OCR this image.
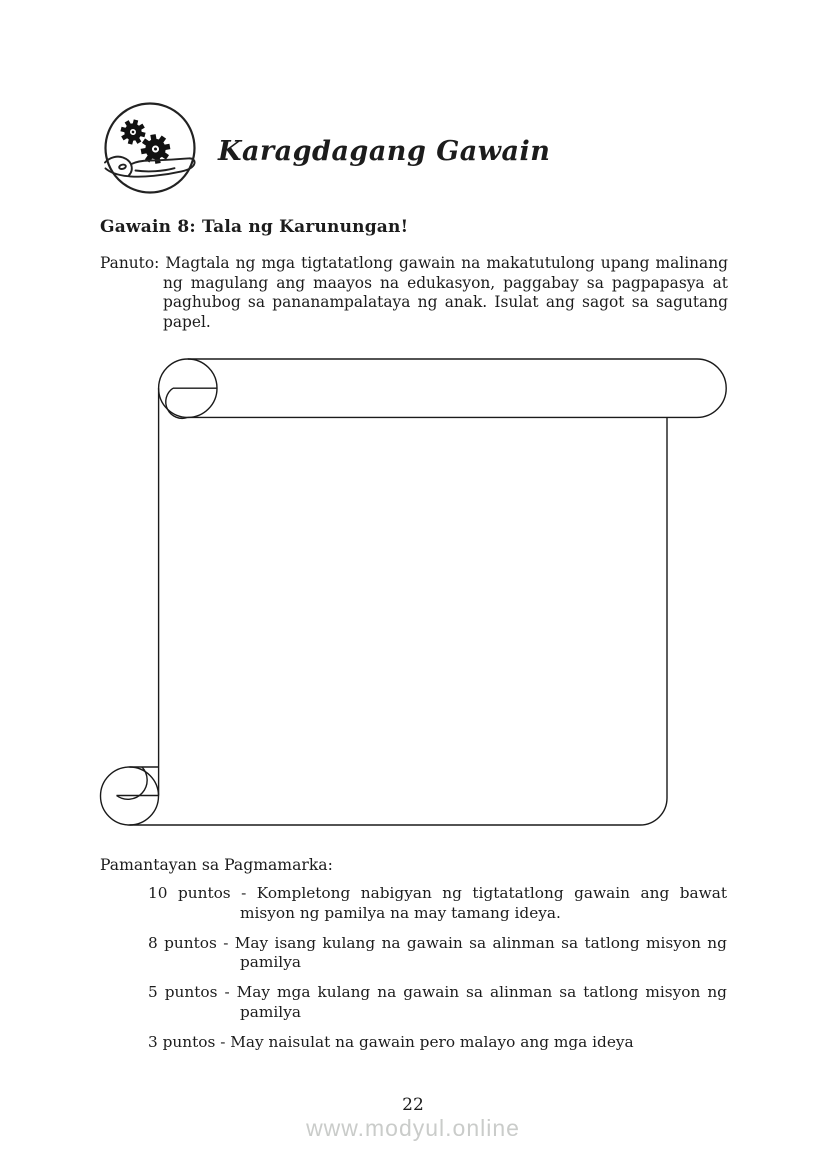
Karagdagang Gawain
Gawain 8: Tala ng Karunungan!
Panuto: Magtala ng mga tigtatatlong gawain na makatutulong upang malinang ng magulang ang maayos na edukasyon, paggabay sa pagpapasya at paghubog sa pananampalataya ng anak. Isulat ang sagot sa sagutang papel.
Pamantayan sa Pagmamarka:
10 puntos - Kompletong nabigyan ng tigtatatlong gawain ang bawat misyon ng pamilya na may tamang ideya.
8 puntos - May isang kulang na gawain sa alinman sa tatlong misyon ng pamilya
5 puntos - May mga kulang na gawain sa alinman sa tatlong misyon ng pamilya
3 puntos - May naisulat na gawain pero malayo ang mga ideya
22
www.modyul.online
